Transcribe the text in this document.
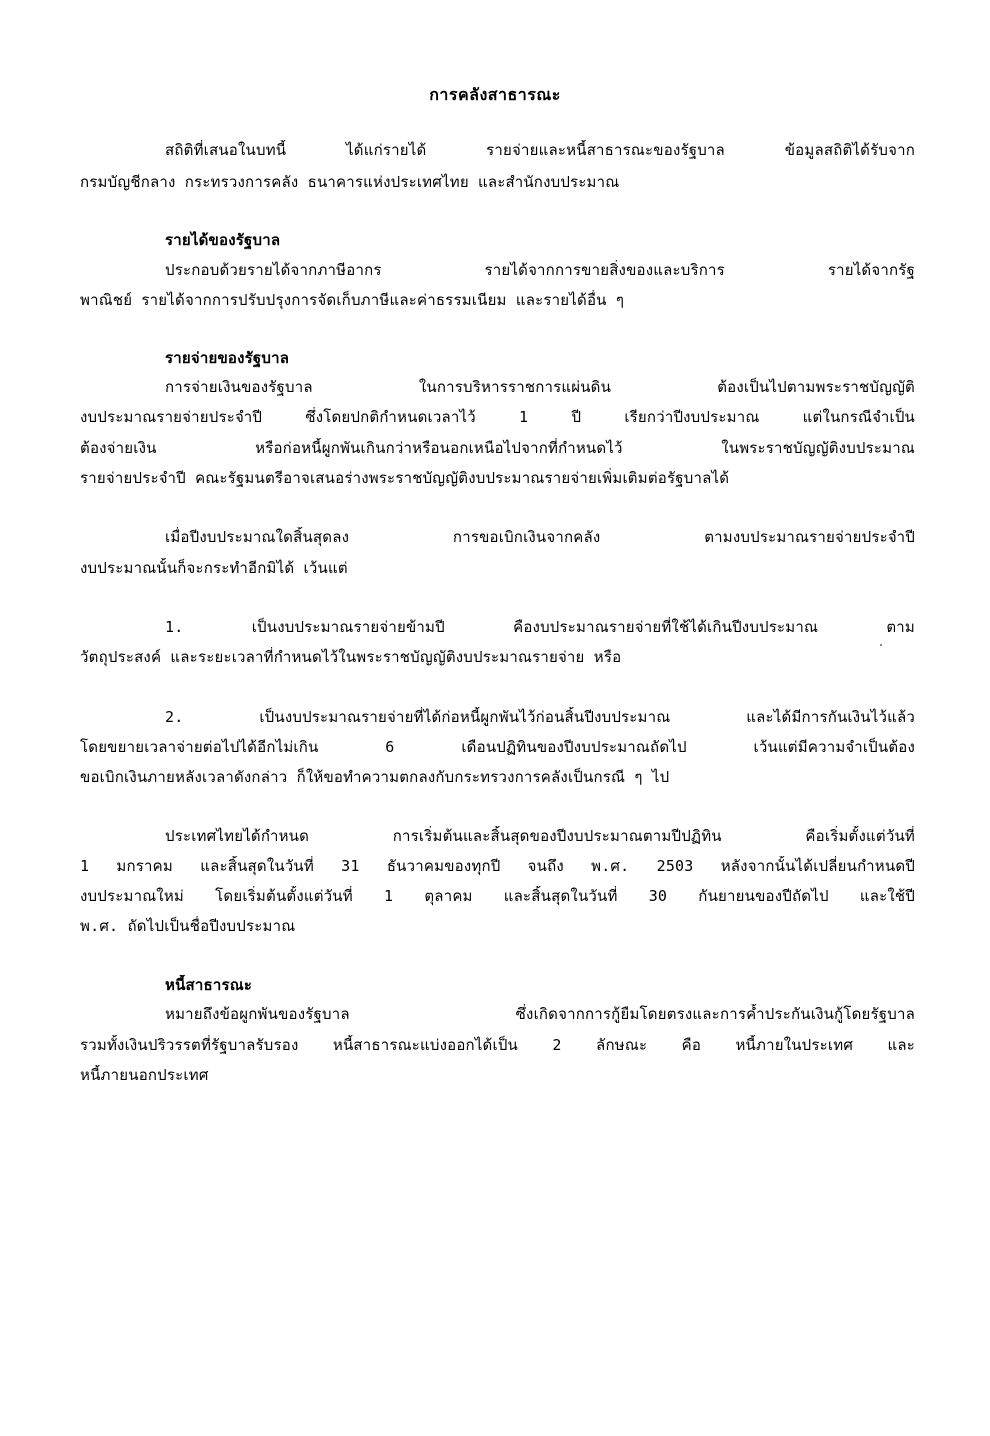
การคลังสาธารณะ
สถิติที่เสนอในบทนี้ ได้แก่รายได้ รายจ่ายและหนี้สาธารณะของรัฐบาล ข้อมูลสถิติได้รับจาก
กรมบัญชีกลาง กระทรวงการคลัง ธนาคารแห่งประเทศไทย และสำนักงบประมาณ
รายได้ของรัฐบาล
ประกอบด้วยรายได้จากภาษีอากร รายได้จากการขายสิ่งของและบริการ รายได้จากรัฐ
พาณิชย์ รายได้จากการปรับปรุงการจัดเก็บภาษีและค่าธรรมเนียม และรายได้อื่น ๆ
รายจ่ายของรัฐบาล
การจ่ายเงินของรัฐบาล ในการบริหารราชการแผ่นดิน ต้องเป็นไปตามพระราชบัญญัติ
งบประมาณรายจ่ายประจำปี ซึ่งโดยปกติกำหนดเวลาไว้ 1 ปี เรียกว่าปีงบประมาณ แต่ในกรณีจำเป็น
ต้องจ่ายเงิน หรือก่อหนี้ผูกพันเกินกว่าหรือนอกเหนือไปจากที่กำหนดไว้ ในพระราชบัญญัติงบประมาณ
รายจ่ายประจำปี คณะรัฐมนตรีอาจเสนอร่างพระราชบัญญัติงบประมาณรายจ่ายเพิ่มเติมต่อรัฐบาลได้
เมื่อปีงบประมาณใดสิ้นสุดลง การขอเบิกเงินจากคลัง ตามงบประมาณรายจ่ายประจำปี
งบประมาณนั้นก็จะกระทำอีกมิได้ เว้นแต่
1. เป็นงบประมาณรายจ่ายข้ามปี คืองบประมาณรายจ่ายที่ใช้ได้เกินปีงบประมาณ ตาม
วัตถุประสงค์ และระยะเวลาที่กำหนดไว้ในพระราชบัญญัติงบประมาณรายจ่าย หรือ
2. เป็นงบประมาณรายจ่ายที่ได้ก่อหนี้ผูกพันไว้ก่อนสิ้นปีงบประมาณ และได้มีการกันเงินไว้แล้ว
โดยขยายเวลาจ่ายต่อไปได้อีกไม่เกิน 6 เดือนปฏิทินของปีงบประมาณถัดไป เว้นแต่มีความจำเป็นต้อง
ขอเบิกเงินภายหลังเวลาดังกล่าว ก็ให้ขอทำความตกลงกับกระทรวงการคลังเป็นกรณี ๆ ไป
ประเทศไทยได้กำหนด การเริ่มต้นและสิ้นสุดของปีงบประมาณตามปีปฏิทิน คือเริ่มตั้งแต่วันที่
1 มกราคม และสิ้นสุดในวันที่ 31 ธันวาคมของทุกปี จนถึง พ.ศ. 2503 หลังจากนั้นได้เปลี่ยนกำหนดปี
งบประมาณใหม่ โดยเริ่มต้นตั้งแต่วันที่ 1 ตุลาคม และสิ้นสุดในวันที่ 30 กันยายนของปีถัดไป และใช้ปี
พ.ศ. ถัดไปเป็นชื่อปีงบประมาณ
หนี้สาธารณะ
หมายถึงข้อผูกพันของรัฐบาล ซึ่งเกิดจากการกู้ยืมโดยตรงและการค้ำประกันเงินกู้โดยรัฐบาล
รวมทั้งเงินปริวรรตที่รัฐบาลรับรอง หนี้สาธารณะแบ่งออกได้เป็น 2 ลักษณะ คือ หนี้ภายในประเทศ และ
หนี้ภายนอกประเทศ
